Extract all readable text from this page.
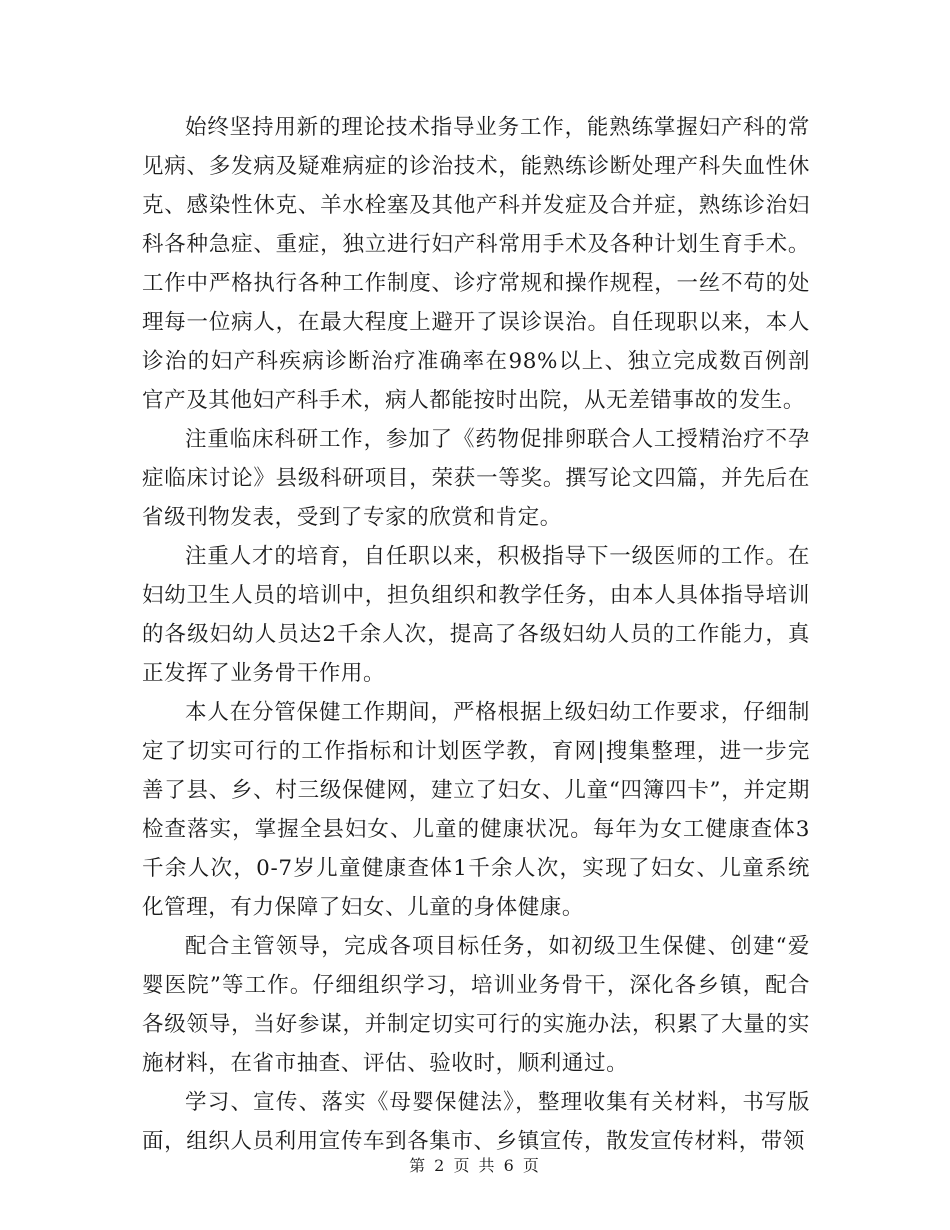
始终坚持用新的理论技术指导业务工作，能熟练掌握妇产科的常见病、多发病及疑难病症的诊治技术，能熟练诊断处理产科失血性休克、感染性休克、羊水栓塞及其他产科并发症及合并症，熟练诊治妇科各种急症、重症，独立进行妇产科常用手术及各种计划生育手术。工作中严格执行各种工作制度、诊疗常规和操作规程，一丝不苟的处理每一位病人，在最大程度上避开了误诊误治。自任现职以来，本人诊治的妇产科疾病诊断治疗准确率在98%以上、独立完成数百例剖官产及其他妇产科手术，病人都能按时出院，从无差错事故的发生。

注重临床科研工作，参加了《药物促排卵联合人工授精治疗不孕症临床讨论》县级科研项目，荣获一等奖。撰写论文四篇，并先后在省级刊物发表，受到了专家的欣赏和肯定。

注重人才的培育，自任职以来，积极指导下一级医师的工作。在妇幼卫生人员的培训中，担负组织和教学任务，由本人具体指导培训的各级妇幼人员达2千余人次，提高了各级妇幼人员的工作能力，真正发挥了业务骨干作用。

本人在分管保健工作期间，严格根据上级妇幼工作要求，仔细制定了切实可行的工作指标和计划医学教，育网|搜集整理，进一步完善了县、乡、村三级保健网，建立了妇女、儿童“四簿四卡”，并定期检查落实，掌握全县妇女、儿童的健康状况。每年为女工健康查体3千余人次，0-7岁儿童健康查体1千余人次，实现了妇女、儿童系统化管理，有力保障了妇女、儿童的身体健康。

配合主管领导，完成各项目标任务，如初级卫生保健、创建“爱婴医院”等工作。仔细组织学习，培训业务骨干，深化各乡镇，配合各级领导，当好参谋，并制定切实可行的实施办法，积累了大量的实施材料，在省市抽查、评估、验收时，顺利通过。

学习、宣传、落实《母婴保健法》，整理收集有关材料，书写版面，组织人员利用宣传车到各集市、乡镇宣传，散发宣传材料，带领

第 2 页 共 6 页
